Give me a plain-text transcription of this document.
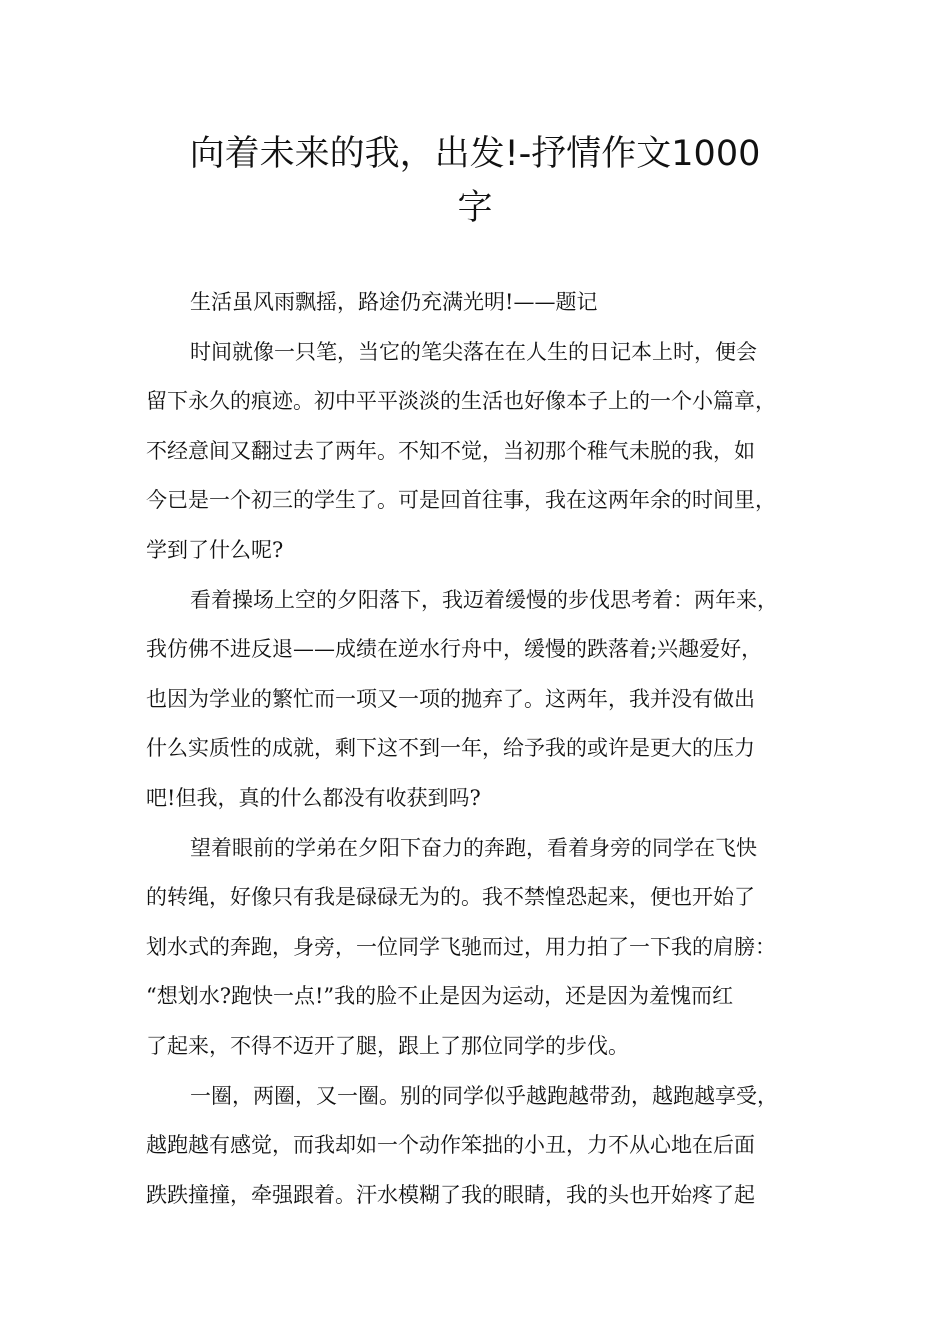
向着未来的我，出发!-抒情作文1000
字
生活虽风雨飘摇，路途仍充满光明!——题记
时间就像一只笔，当它的笔尖落在在人生的日记本上时，便会
留下永久的痕迹。初中平平淡淡的生活也好像本子上的一个小篇章，
不经意间又翻过去了两年。不知不觉，当初那个稚气未脱的我，如
今已是一个初三的学生了。可是回首往事，我在这两年余的时间里，
学到了什么呢?
看着操场上空的夕阳落下，我迈着缓慢的步伐思考着：两年来，
我仿佛不进反退——成绩在逆水行舟中，缓慢的跌落着;兴趣爱好，
也因为学业的繁忙而一项又一项的抛弃了。这两年，我并没有做出
什么实质性的成就，剩下这不到一年，给予我的或许是更大的压力
吧!但我，真的什么都没有收获到吗?
望着眼前的学弟在夕阳下奋力的奔跑，看着身旁的同学在飞快
的转绳，好像只有我是碌碌无为的。我不禁惶恐起来，便也开始了
划水式的奔跑，身旁，一位同学飞驰而过，用力拍了一下我的肩膀：
“想划水?跑快一点!”我的脸不止是因为运动，还是因为羞愧而红
了起来，不得不迈开了腿，跟上了那位同学的步伐。
一圈，两圈，又一圈。别的同学似乎越跑越带劲，越跑越享受，
越跑越有感觉，而我却如一个动作笨拙的小丑，力不从心地在后面
跌跌撞撞，牵强跟着。汗水模糊了我的眼睛，我的头也开始疼了起
